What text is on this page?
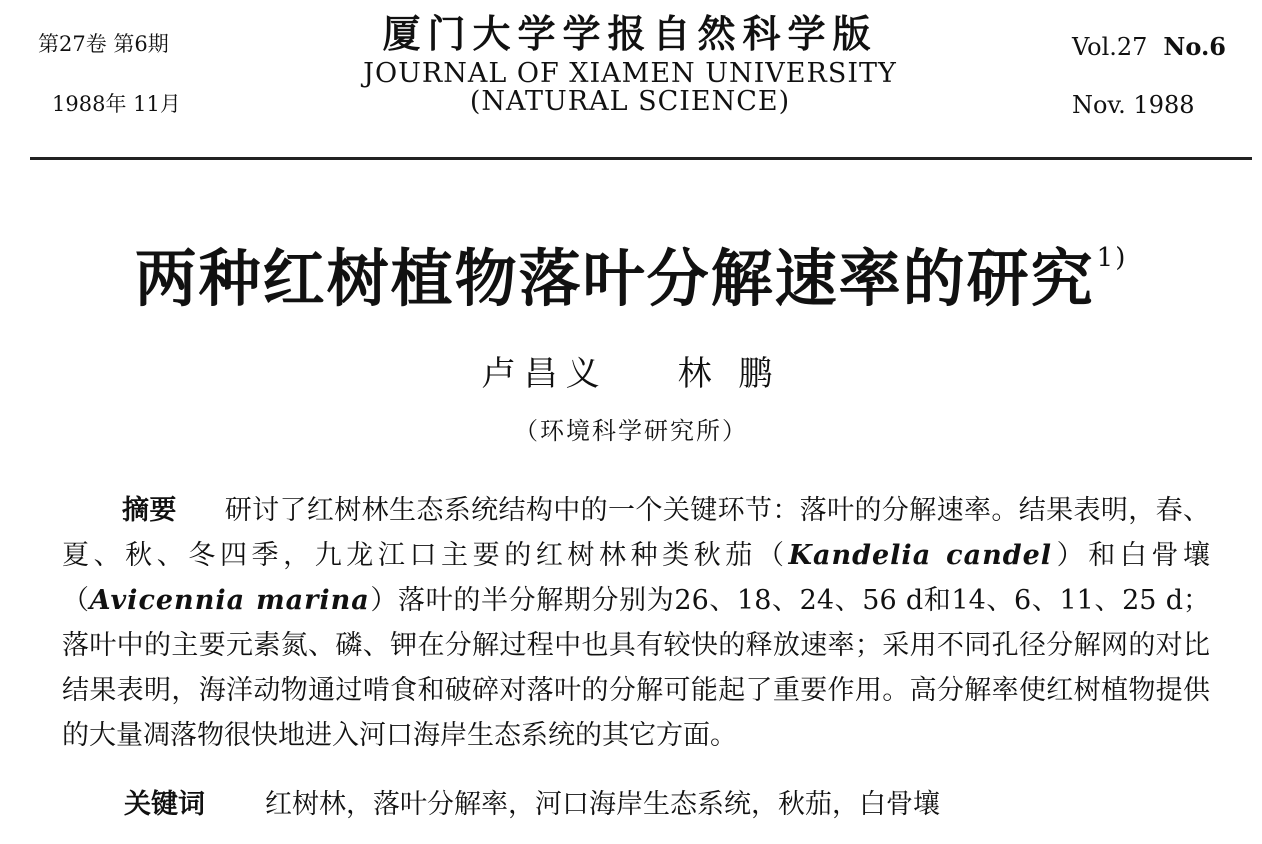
第27卷 第6期
1988年 11月
厦门大学学报自然科学版
JOURNAL OF XIAMEN UNIVERSITY
(NATURAL SCIENCE)
Vol.27 No.6
Nov. 1988
两种红树植物落叶分解速率的研究$^{1)}$
卢昌义 林 鹏
（环境科学研究所）
摘要 研讨了红树林生态系统结构中的一个关键环节：落叶的分解速率。结果表明，春、夏、秋、冬四季，九龙江口主要的红树林种类秋茄（Kandelia candel）和白骨壤（Avicennia marina）落叶的半分解期分别为26、18、24、56 d和14、6、11、25 d；落叶中的主要元素氮、磷、钾在分解过程中也具有较快的释放速率；采用不同孔径分解网的对比结果表明，海洋动物通过啃食和破碎对落叶的分解可能起了重要作用。高分解率使红树植物提供的大量凋落物很快地进入河口海岸生态系统的其它方面。
关键词 红树林，落叶分解率，河口海岸生态系统，秋茄，白骨壤
